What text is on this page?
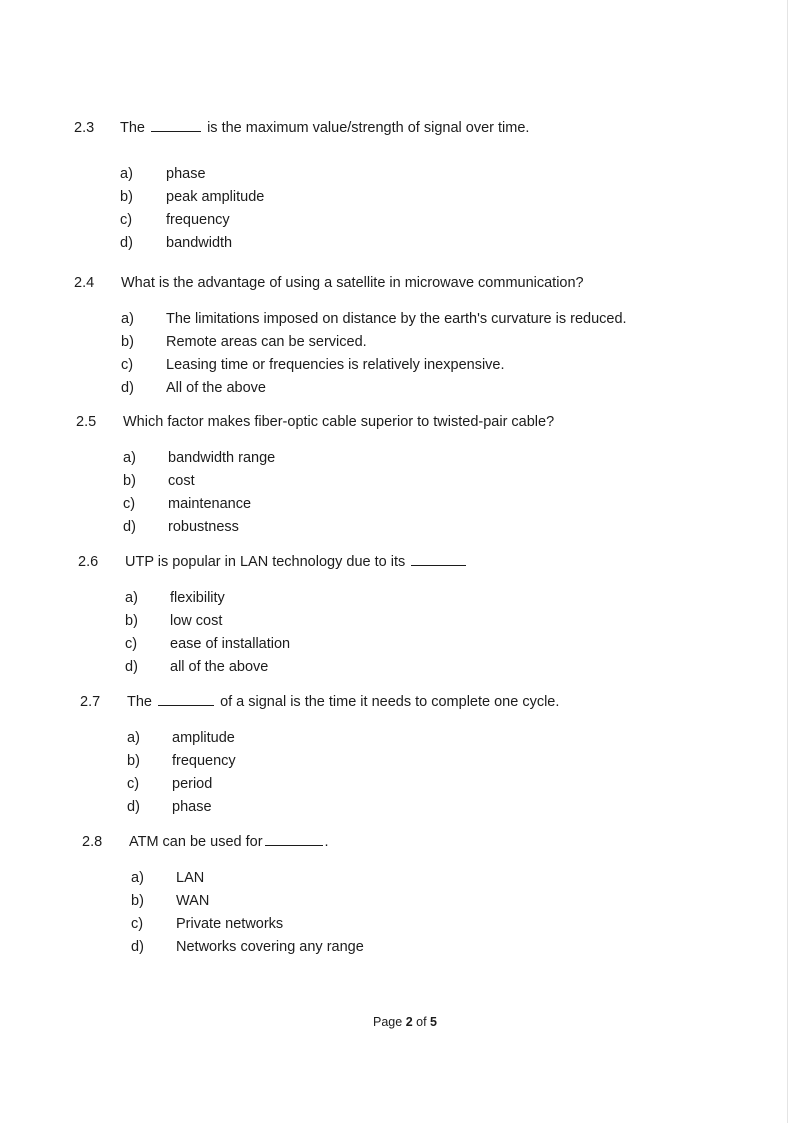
2.3 The	is the maximum value/strength of signal over time.
a) phase
b) peak amplitude
c) frequency
d) bandwidth
2.4 What is the advantage of using a satellite in microwave communication?
a) The limitations imposed on distance by the earth's curvature is reduced.
b) Remote areas can be serviced.
c) Leasing time or frequencies is relatively inexpensive.
d) All of the above
2.5 Which factor makes fiber-optic cable superior to twisted-pair cable?
a) bandwidth range
b) cost
c) maintenance
d) robustness
2.6 UTP is popular in LAN technology due to its
a) flexibility
b) low cost
c) ease of installation
d) all of the above
2.7 The	of a signal is the time it needs to complete one cycle.
a) amplitude
b) frequency
c) period
d) phase
2.8 ATM can be used for	.
a) LAN
b) WAN
c) Private networks
d) Networks covering any range
Page 2 of 5
